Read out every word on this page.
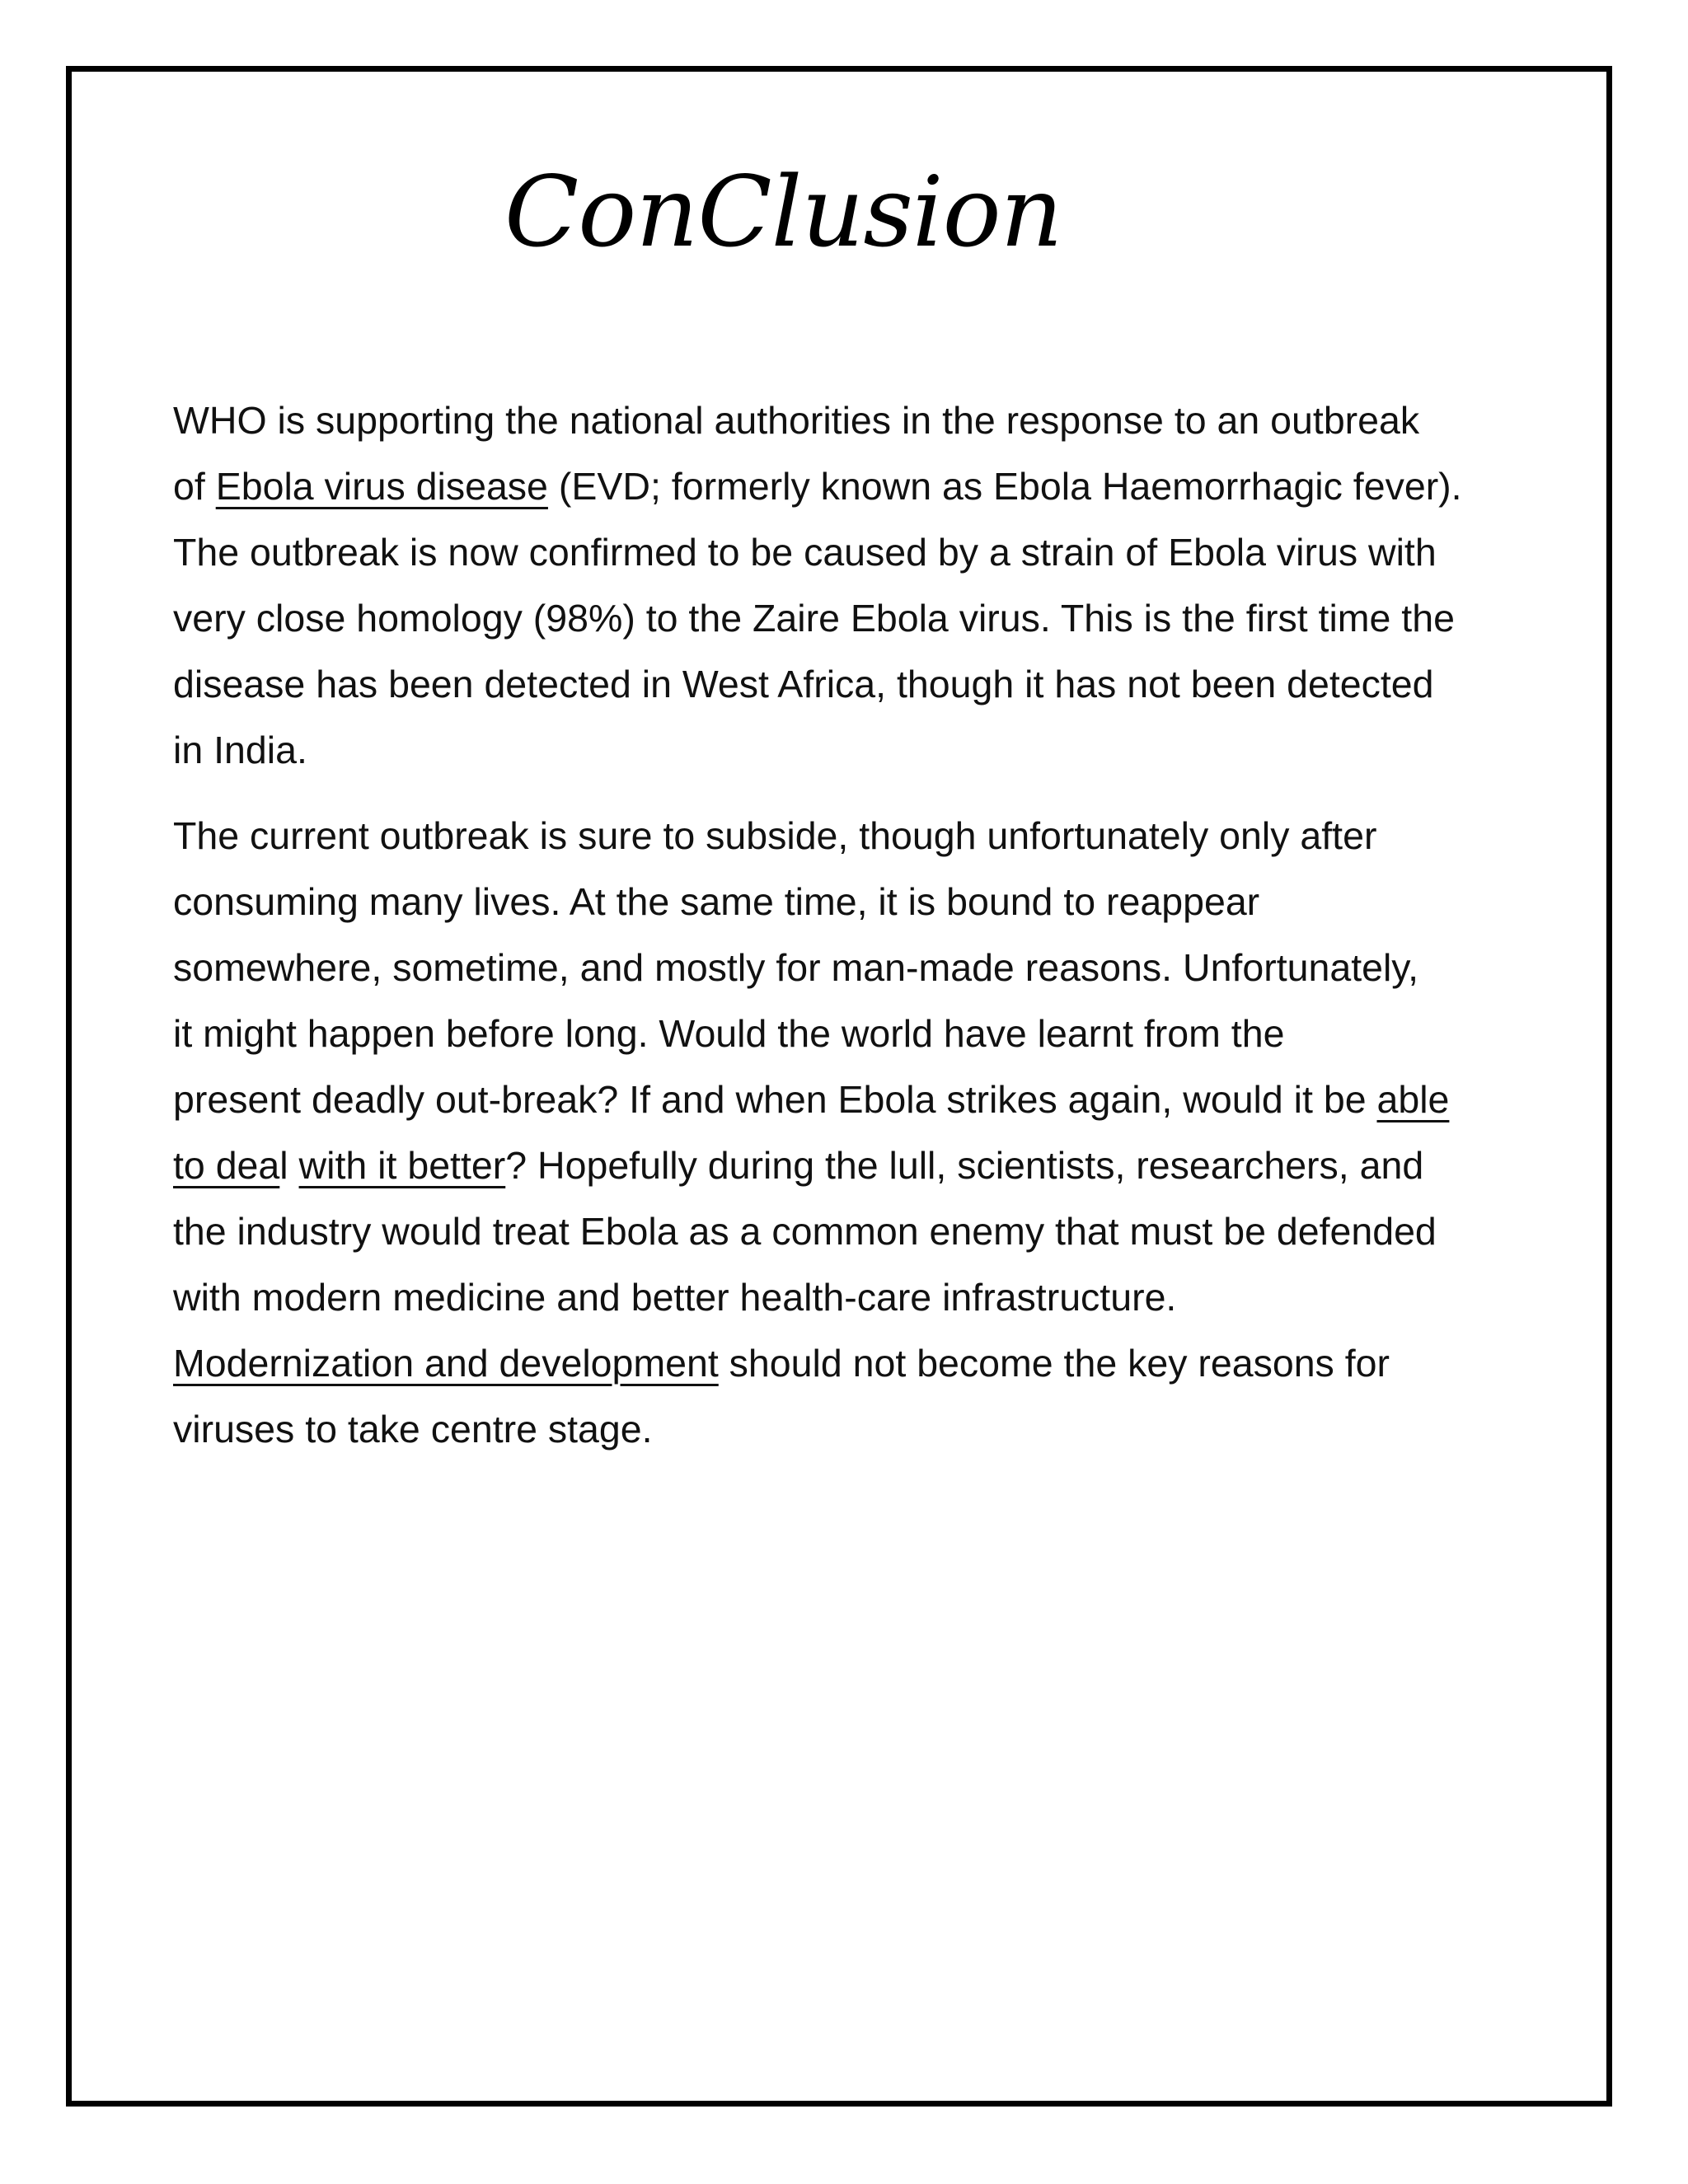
ConClusion

WHO is supporting the national authorities in the response to an outbreak
of Ebola virus disease (EVD; formerly known as Ebola Haemorrhagic fever).
The outbreak is now confirmed to be caused by a strain of Ebola virus with
very close homology (98%) to the Zaire Ebola virus. This is the first time the
disease has been detected in West Africa, though it has not been detected
in India.

The current outbreak is sure to subside, though unfortunately only after
consuming many lives. At the same time, it is bound to reappear
somewhere, sometime, and mostly for man-made reasons. Unfortunately,
it might happen before long. Would the world have learnt from the
present deadly out-break? If and when Ebola strikes again, would it be able
to deal with it better? Hopefully during the lull, scientists, researchers, and
the industry would treat Ebola as a common enemy that must be defended
with modern medicine and better health-care infrastructure.
Modernization and development should not become the key reasons for
viruses to take centre stage.
